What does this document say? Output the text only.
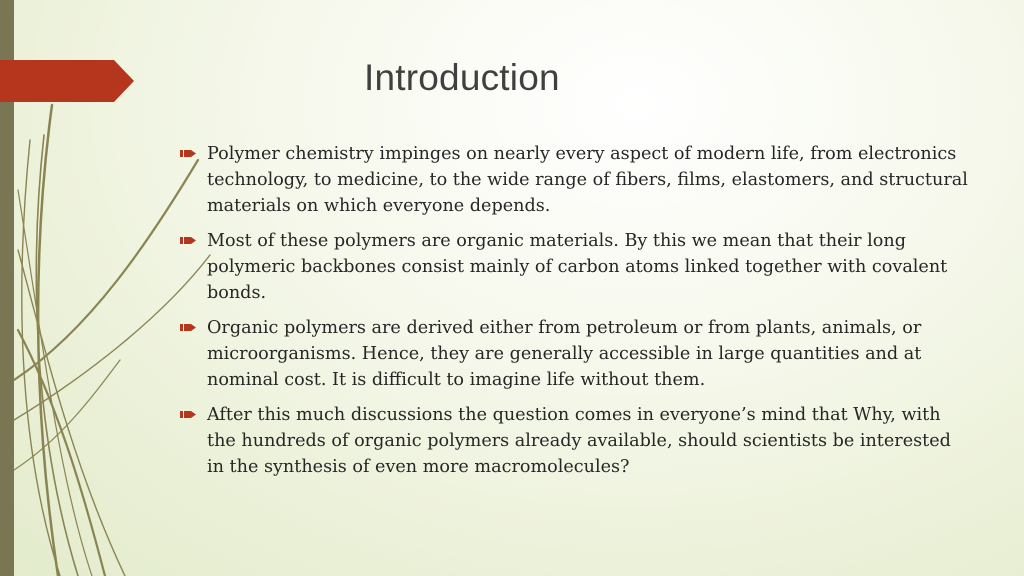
Introduction
Polymer chemistry impinges on nearly every aspect of modern life, from electronics technology, to medicine, to the wide range of fibers, films, elastomers, and structural materials on which everyone depends.
Most of these polymers are organic materials. By this we mean that their long polymeric backbones consist mainly of carbon atoms linked together with covalent bonds.
Organic polymers are derived either from petroleum or from plants, animals, or microorganisms. Hence, they are generally accessible in large quantities and at nominal cost. It is difficult to imagine life without them.
After this much discussions the question comes in everyone’s mind that Why, with the hundreds of organic polymers already available, should scientists be interested in the synthesis of even more macromolecules?
